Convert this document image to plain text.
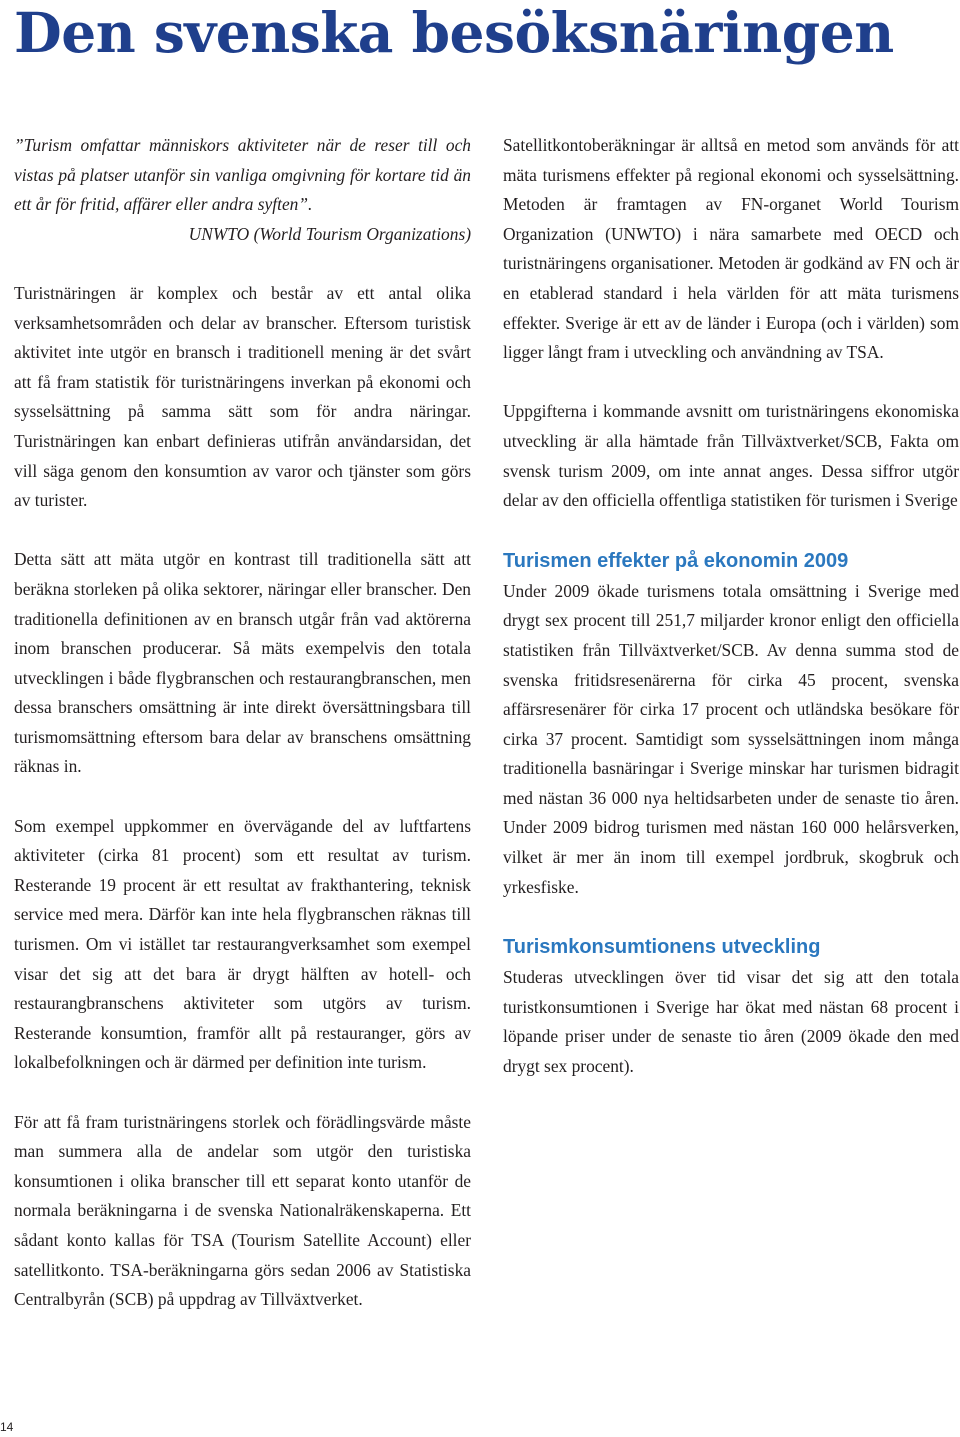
Den svenska besöksnäringen

”Turism omfattar människors aktiviteter när de reser till och vistas på platser utanför sin vanliga omgivning för kortare tid än ett år för fritid, affärer eller andra syften”.

UNWTO (World Tourism Organizations)

Turistnäringen är komplex och består av ett antal olika verksamhetsområden och delar av branscher. Eftersom turistisk aktivitet inte utgör en bransch i traditionell mening är det svårt att få fram statistik för turistnäringens inverkan på ekonomi och sysselsättning på samma sätt som för andra näringar. Turistnäringen kan enbart definieras utifrån användarsidan, det vill säga genom den konsumtion av varor och tjänster som görs av turister.

Detta sätt att mäta utgör en kontrast till traditionella sätt att beräkna storleken på olika sektorer, näringar eller branscher. Den traditionella definitionen av en bransch utgår från vad aktörerna inom branschen producerar. Så mäts exempelvis den totala utvecklingen i både flygbranschen och restaurangbranschen, men dessa branschers omsättning är inte direkt översättningsbara till turismomsättning eftersom bara delar av branschens omsättning räknas in.

Som exempel uppkommer en övervägande del av luftfartens aktiviteter (cirka 81 procent) som ett resultat av turism. Resterande 19 procent är ett resultat av frakthantering, teknisk service med mera. Därför kan inte hela flygbranschen räknas till turismen. Om vi istället tar restaurangverksamhet som exempel visar det sig att det bara är drygt hälften av hotell- och restaurangbranschens aktiviteter som utgörs av turism. Resterande konsumtion, framför allt på restauranger, görs av lokalbefolkningen och är därmed per definition inte turism.

För att få fram turistnäringens storlek och förädlingsvärde måste man summera alla de andelar som utgör den turistiska konsumtionen i olika branscher till ett separat konto utanför de normala beräkningarna i de svenska Nationalräkenskaperna. Ett sådant konto kallas för TSA (Tourism Satellite Account) eller satellitkonto. TSA-beräkningarna görs sedan 2006 av Statistiska Centralbyrån (SCB) på uppdrag av Tillväxtverket.

Satellitkontoberäkningar är alltså en metod som används för att mäta turismens effekter på regional ekonomi och sysselsättning. Metoden är framtagen av FN-organet World Tourism Organization (UNWTO) i nära samarbete med OECD och turistnäringens organisationer. Metoden är godkänd av FN och är en etablerad standard i hela världen för att mäta turismens effekter. Sverige är ett av de länder i Europa (och i världen) som ligger långt fram i utveckling och användning av TSA.

Uppgifterna i kommande avsnitt om turistnäringens ekonomiska utveckling är alla hämtade från Tillväxtverket/SCB, Fakta om svensk turism 2009, om inte annat anges. Dessa siffror utgör delar av den officiella offentliga statistiken för turismen i Sverige

Turismen effekter på ekonomin 2009

Under 2009 ökade turismens totala omsättning i Sverige med drygt sex procent till 251,7 miljarder kronor enligt den officiella statistiken från Tillväxtverket/SCB. Av denna summa stod de svenska fritidsresenärerna för cirka 45 procent, svenska affärsresenärer för cirka 17 procent och utländska besökare för cirka 37 procent. Samtidigt som sysselsättningen inom många traditionella basnäringar i Sverige minskar har turismen bidragit med nästan 36 000 nya heltidsarbeten under de senaste tio åren. Under 2009 bidrog turismen med nästan 160 000 helårsverken, vilket är mer än inom till exempel jordbruk, skogbruk och yrkesfiske.

Turismkonsumtionens utveckling

Studeras utvecklingen över tid visar det sig att den totala turistkonsumtionen i Sverige har ökat med nästan 68 procent i löpande priser under de senaste tio åren (2009 ökade den med drygt sex procent).

14
